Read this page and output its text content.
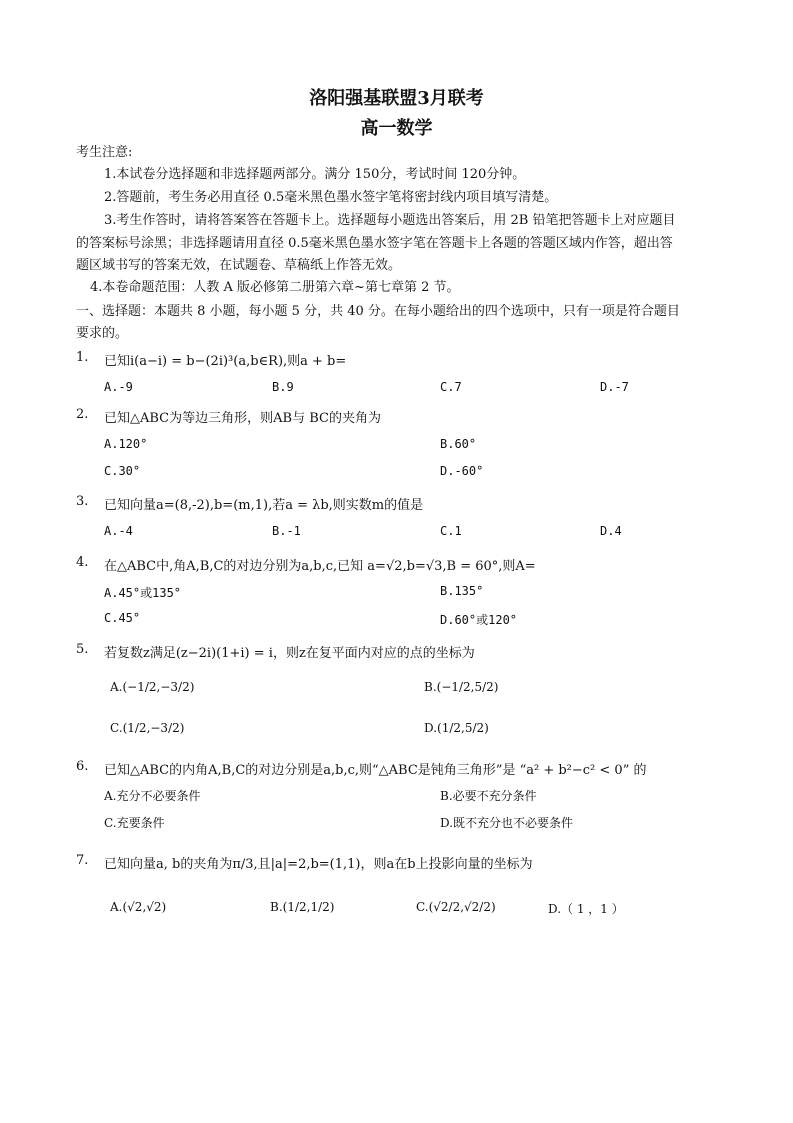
洛阳强基联盟3月联考
高一数学
考生注意:
1.本试卷分选择题和非选择题两部分。满分 150分，考试时间 120分钟。
2.答题前，考生务必用直径 0.5毫米黑色墨水签字笔将密封线内项目填写清楚。
3.考生作答时，请将答案答在答题卡上。选择题每小题选出答案后，用 2B 铅笔把答题卡上对应题目
的答案标号涂黑；非选择题请用直径 0.5毫米黑色墨水签字笔在答题卡上各题的答题区域内作答，超出答
题区域书写的答案无效，在试题卷、草稿纸上作答无效。
4.本卷命题范围：人教 A 版必修第二册第六章~第七章第 2 节。
一、选择题：本题共 8 小题，每小题 5 分，共 40 分。在每小题给出的四个选项中，只有一项是符合题目
要求的。
1. 已知i(a−i) = b−(2i)³(a,b∈R),则a + b=
A.-9	B.9	C.7	D.-7
2. 已知△ABC为等边三角形，则AB与 BC的夹角为
A.120°	B.60°
C.30°	D.-60°
3. 已知向量a=(8,-2),b=(m,1),若a = λb,则实数m的值是
A.-4	B.-1	C.1	D.4
4. 在△ABC中,角A,B,C的对边分别为a,b,c,已知 a=√2,b=√3,B = 60°,则A=
A.45°或135°	B.135°
C.45°	D.60°或120°
5. 若复数z满足(z−2i)(1+i) = i，则z在复平面内对应的点的坐标为
A.(−1/2,−3/2)	B.(−1/2,5/2)
C.(1/2,−3/2)	D.(1/2,5/2)
6. 已知△ABC的内角A,B,C的对边分别是a,b,c,则“△ABC是钝角三角形”是 “a² + b²−c² < 0” 的
A.充分不必要条件	B.必要不充分条件
C.充要条件	D.既不充分也不必要条件
7. 已知向量a, b的夹角为π/3,且|a|=2,b=(1,1)，则a在b上投影向量的坐标为
A.(√2,√2)	B.(1/2,1/2)	C.(√2/2,√2/2)	D.（ 1 ，1 ）
